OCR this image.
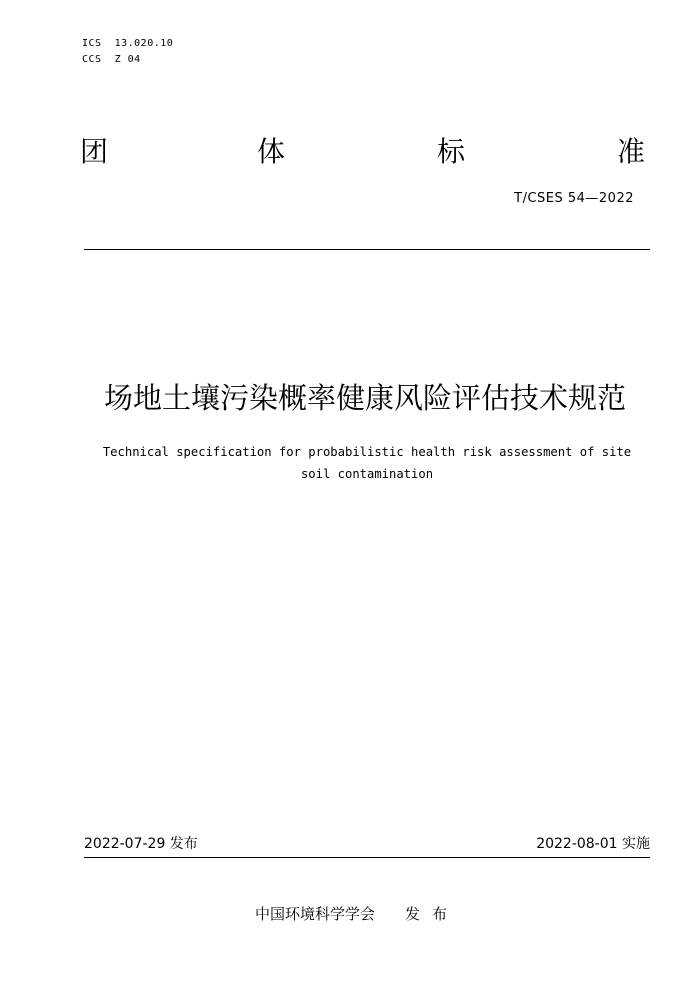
ICS  13.020.10
CCS  Z 04
团	体	标	准
T/CSES 54—2022
场地土壤污染概率健康风险评估技术规范
Technical specification for probabilistic health risk assessment of site
soil contamination
2022-07-29 发布	2022-08-01 实施
中国环境科学学会 发布
